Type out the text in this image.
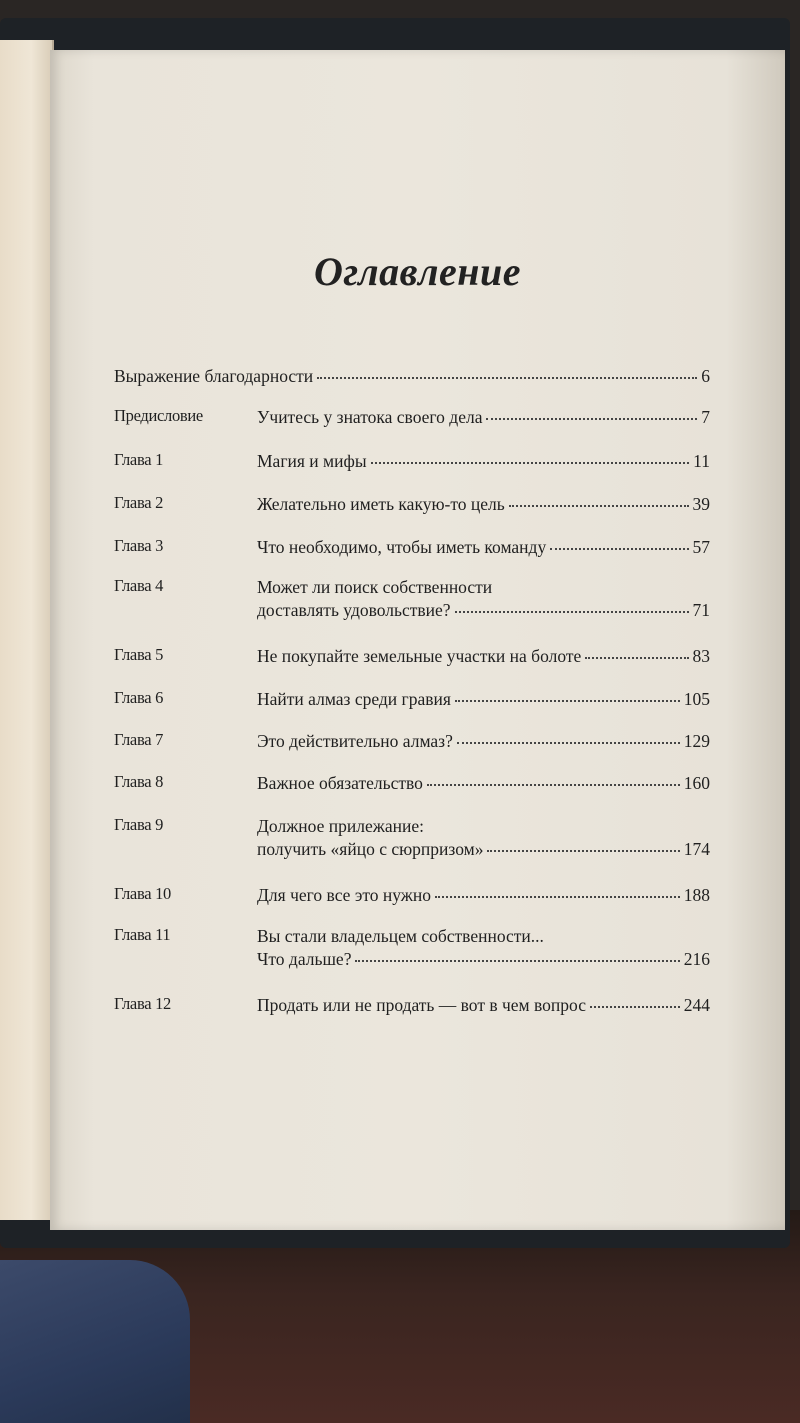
Оглавление
Выражение благодарности	6
Предисловие	Учитесь у знатока своего дела	7
Глава 1	Магия и мифы	11
Глава 2	Желательно иметь какую-то цель	39
Глава 3	Что необходимо, чтобы иметь команду	57
Глава 4	Может ли поиск собственности
доставлять удовольствие?	71
Глава 5	Не покупайте земельные участки на болоте	83
Глава 6	Найти алмаз среди гравия	105
Глава 7	Это действительно алмаз?	129
Глава 8	Важное обязательство	160
Глава 9	Должное прилежание:
получить «яйцо с сюрпризом»	174
Глава 10	Для чего все это нужно	188
Глава 11	Вы стали владельцем собственности...
Что дальше?	216
Глава 12	Продать или не продать — вот в чем вопрос	244
